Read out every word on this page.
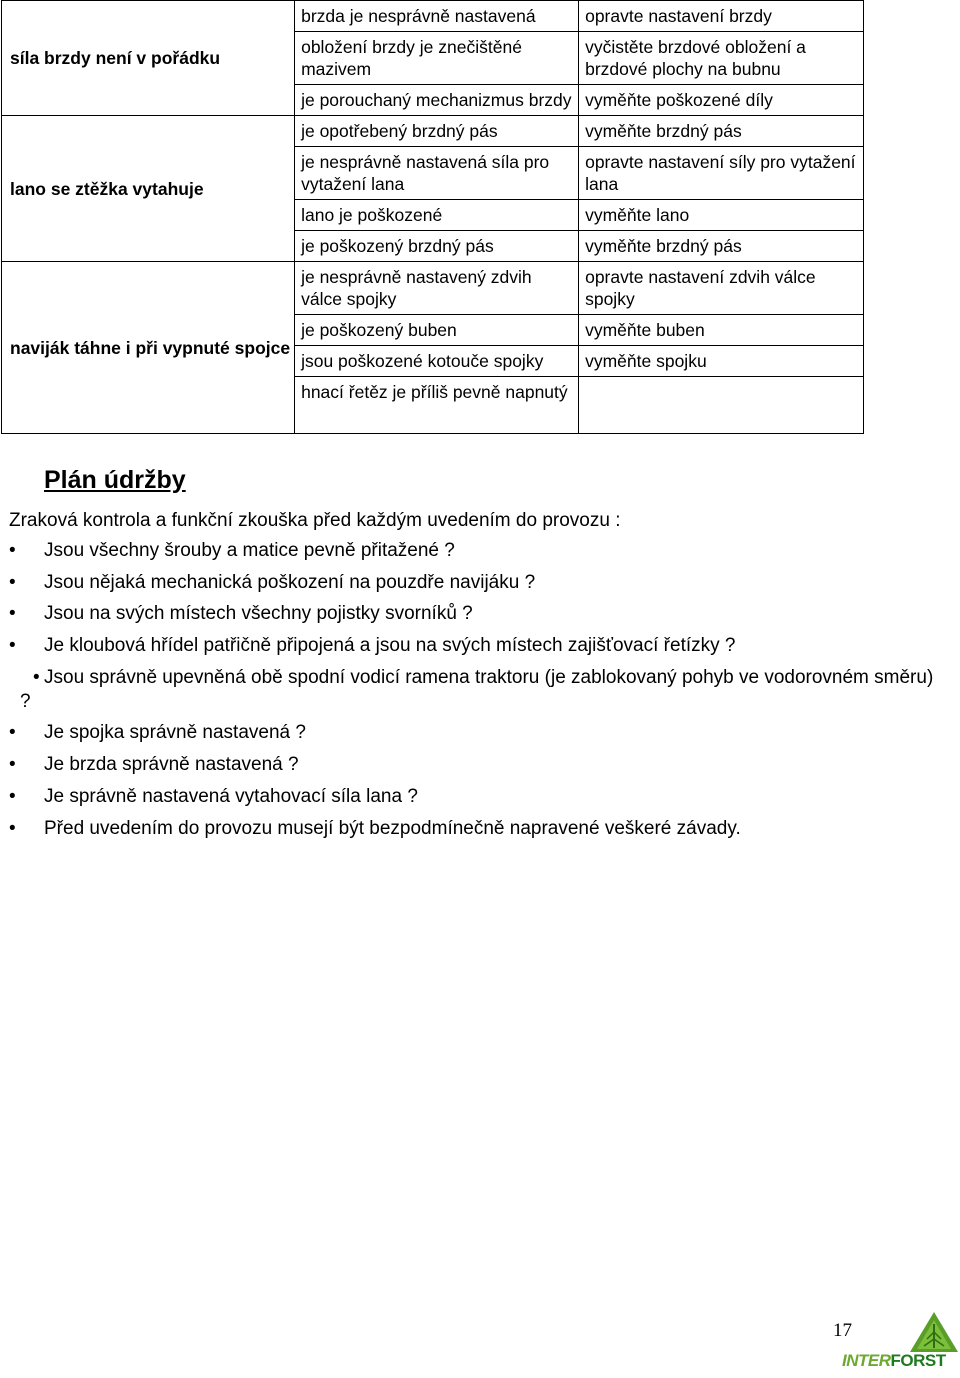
síla brzdy není v pořádku	brzda je nesprávně nastavená	opravte nastavení brzdy
	obložení brzdy je znečištěné mazivem	vyčistěte brzdové obložení a brzdové plochy na bubnu
	je porouchaný mechanizmus brzdy	vyměňte poškozené díly
lano se ztěžka vytahuje	je opotřebený brzdný pás	vyměňte brzdný pás
	je nesprávně nastavená síla pro vytažení lana	opravte nastavení síly pro vytažení lana
	lano je poškozené	vyměňte lano
	je poškozený brzdný pás	vyměňte brzdný pás
naviják táhne i při vypnuté spojce	je nesprávně nastavený zdvih válce spojky	opravte nastavení zdvih válce spojky
	je poškozený buben	vyměňte buben
	jsou poškozené kotouče spojky	vyměňte spojku
	hnací řetěz je příliš pevně napnutý	
Plán údržby

Zraková kontrola a funkční zkouška před každým uvedením do provozu :

• Jsou všechny šrouby a matice pevně přitažené ?
• Jsou nějaká mechanická poškození na pouzdře navijáku ?
• Jsou na svých místech všechny pojistky svorníků ?
• Je kloubová hřídel patřičně připojená a jsou na svých místech zajišťovací řetízky ?
• Jsou správně upevněná obě spodní vodicí ramena traktoru (je zablokovaný pohyb ve vodorovném směru) ?
• Je spojka správně nastavená ?
• Je brzda správně nastavená ?
• Je správně nastavená vytahovací síla lana ?
• Před uvedením do provozu musejí být bezpodmínečně napravené veškeré závady.
17
INTERFORST
